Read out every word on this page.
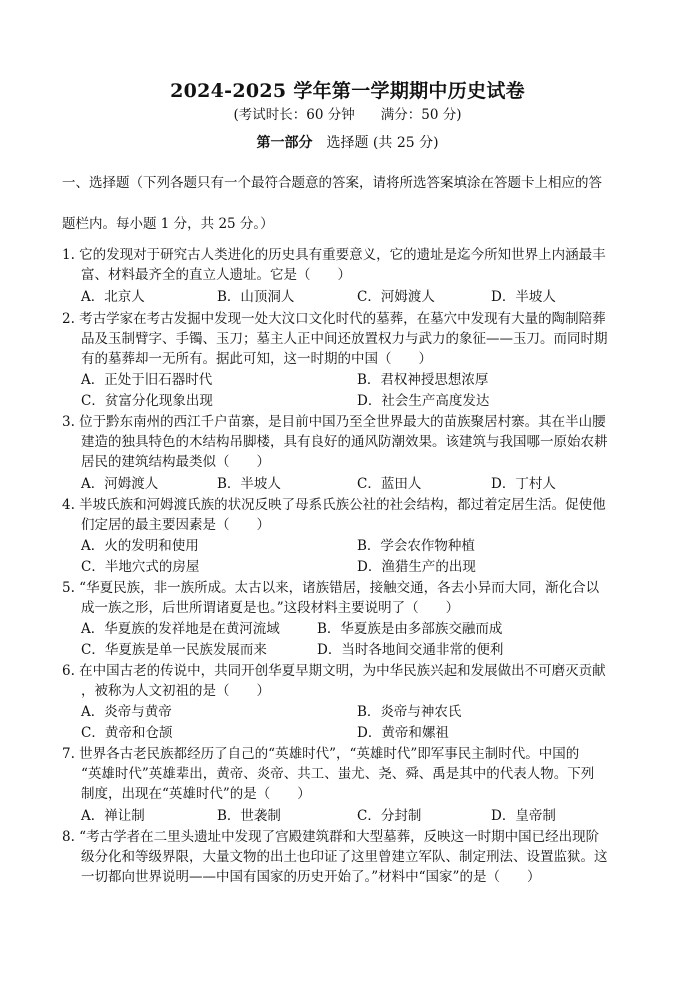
2024-2025 学年第一学期期中历史试卷
(考试时长：60 分钟 满分：50 分)
第一部分 选择题 (共 25 分)
一、选择题（下列各题只有一个最符合题意的答案，请将所选答案填涂在答题卡上相应的答
题栏内。每小题 1 分，共 25 分。）
1. 它的发现对于研究古人类进化的历史具有重要意义，它的遗址是迄今所知世界上内涵最丰
富、材料最齐全的直立人遗址。它是（　　）
A．北京人	B．山顶洞人	C．河姆渡人	D．半坡人
2. 考古学家在考古发掘中发现一处大汶口文化时代的墓葬，在墓穴中发现有大量的陶制陪葬
品及玉制臂字、手镯、玉刀；墓主人正中间还放置权力与武力的象征——玉刀。而同时期
有的墓葬却一无所有。据此可知，这一时期的中国（　　）
A．正处于旧石器时代	B．君权神授思想浓厚
C．贫富分化现象出现	D．社会生产高度发达
3. 位于黔东南州的西江千户苗寨，是目前中国乃至全世界最大的苗族聚居村寨。其在半山腰
建造的独具特色的木结构吊脚楼，具有良好的通风防潮效果。该建筑与我国哪一原始农耕
居民的建筑结构最类似（　　）
A．河姆渡人	B．半坡人	C．蓝田人	D．丁村人
4. 半坡氏族和河姆渡氏族的状况反映了母系氏族公社的社会结构，都过着定居生活。促使他
们定居的最主要因素是（　　）
A．火的发明和使用	B．学会农作物种植
C．半地穴式的房屋	D．渔猎生产的出现
5. “华夏民族，非一族所成。太古以来，诸族错居，接触交通，各去小异而大同，渐化合以
成一族之形，后世所谓诸夏是也。”这段材料主要说明了（　　）
A．华夏族的发祥地是在黄河流域	B．华夏族是由多部族交融而成
C．华夏族是单一民族发展而来	D．当时各地间交通非常的便利
6. 在中国古老的传说中，共同开创华夏早期文明，为中华民族兴起和发展做出不可磨灭贡献
，被称为人文初祖的是（　　）
A．炎帝与黄帝	B．炎帝与神农氏
C．黄帝和仓颉	D．黄帝和嫘祖
7. 世界各古老民族都经历了自己的“英雄时代”，“英雄时代”即军事民主制时代。中国的
“英雄时代”英雄辈出，黄帝、炎帝、共工、蚩尤、尧、舜、禹是其中的代表人物。下列
制度，出现在“英雄时代”的是（　　）
A．禅让制	B．世袭制	C．分封制	D．皇帝制
8. “考古学者在二里头遗址中发现了宫殿建筑群和大型墓葬，反映这一时期中国已经出现阶
级分化和等级界限，大量文物的出土也印证了这里曾建立军队、制定刑法、设置监狱。这
一切都向世界说明——中国有国家的历史开始了。”材料中“国家”的是（　　）
